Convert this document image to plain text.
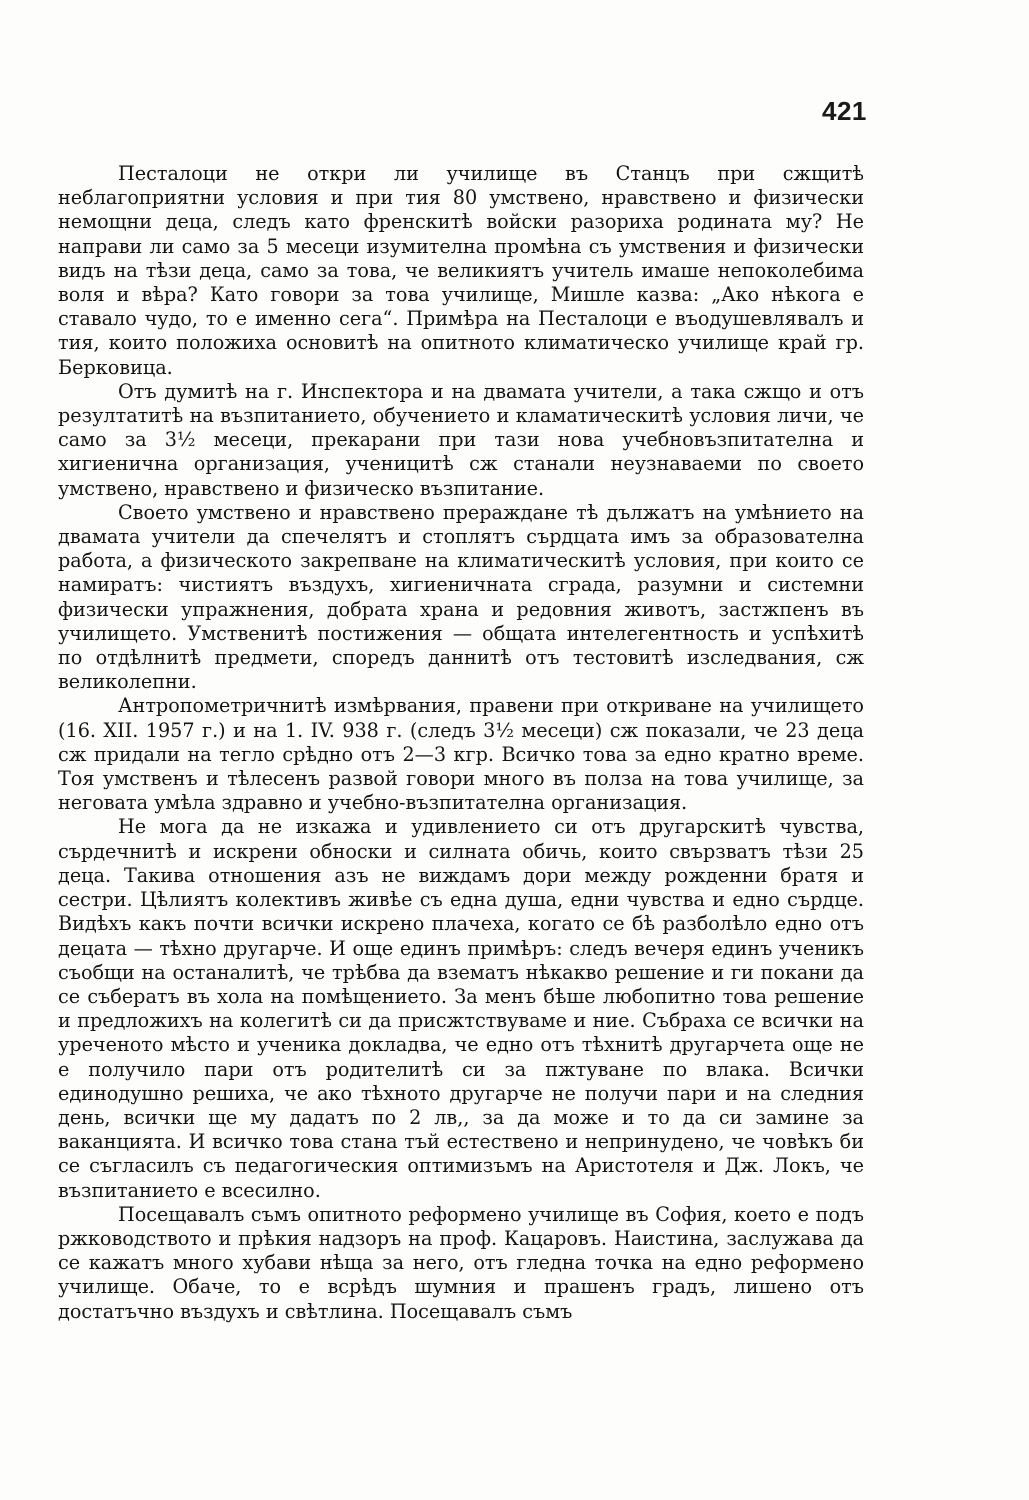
421

Песталоци не откри ли училище въ Станцъ при сжщитѣ неблагоприятни условия и при тия 80 умствено, нравствено и физически немощни деца, следъ като френскитѣ войски разориха родината му? Не направи ли само за 5 месеци изумителна промѣна съ умствения и физически видъ на тѣзи деца, само за това, че великиятъ учитель имаше непоколебима воля и вѣра? Като говори за това училище, Мишле казва: „Ако нѣкога е ставало чудо, то е именно сега“. Примѣра на Песталоци е въодушевлявалъ и тия, които положиха основитѣ на опитното климатическо училище край гр. Берковица.

Отъ думитѣ на г. Инспектора и на двамата учители, а така сжщо и отъ резултатитѣ на възпитанието, обучението и кламатическитѣ условия личи, че само за 3½ месеци, прекарани при тази нова учебновъзпитателна и хигиенична организация, ученицитѣ сж станали неузнаваеми по своето умствено, нравствено и физическо възпитание.

Своето умствено и нравствено прераждане тѣ дължатъ на умѣнието на двамата учители да спечелятъ и стоплятъ сърдцата имъ за образователна работа, а физическото закрепване на климатическитѣ условия, при които се намиратъ: чистиятъ въздухъ, хигиеничната сграда, разумни и системни физически упражнения, добрата храна и редовния животъ, застжпенъ въ училището. Умственитѣ постижения — общата интелегентность и успѣхитѣ по отдѣлнитѣ предмети, споредъ даннитѣ отъ тестовитѣ изследвания, сж великолепни.

Антропометричнитѣ измѣрвания, правени при откриване на училището (16. XII. 1957 г.) и на 1. IV. 938 г. (следъ 3½ месеци) сж показали, че 23 деца сж придали на тегло срѣдно отъ 2—3 кгр. Всичко това за едно кратно време. Тоя умственъ и тѣлесенъ развой говори много въ полза на това училище, за неговата умѣла здравно и учебно-възпитателна организация.

Не мога да не изкажа и удивлението си отъ другарскитѣ чувства, сърдечнитѣ и искрени обноски и силната обичь, които свързватъ тѣзи 25 деца. Такива отношения азъ не виждамъ дори между рожденни братя и сестри. Цѣлиятъ колективъ живѣе съ една душа, едни чувства и едно сърдце. Видѣхъ какъ почти всички искрено плачеха, когато се бѣ разболѣло едно отъ децата — тѣхно другарче. И още единъ примѣръ: следъ вечеря единъ ученикъ съобщи на останалитѣ, че трѣбва да взематъ нѣкакво решение и ги покани да се събератъ въ хола на помѣщението. За менъ бѣше любопитно това решение и предложихъ на колегитѣ си да присжтствуваме и ние. Събраха се всички на уреченото мѣсто и ученика докладва, че едно отъ тѣхнитѣ другарчета още не е получило пари отъ родителитѣ си за пжтуване по влака. Всички единодушно решиха, че ако тѣхното другарче не получи пари и на следния день, всички ще му дадатъ по 2 лв,, за да може и то да си замине за ваканцията. И всичко това стана тъй естествено и непринудено, че човѣкъ би се съгласилъ съ педагогическия оптимизъмъ на Аристотеля и Дж. Локъ, че възпитанието е всесилно.

Посещавалъ съмъ опитното реформено училище въ София, което е подъ ржководството и прѣкия надзоръ на проф. Кацаровъ. Наистина, заслужава да се кажатъ много хубави нѣща за него, отъ гледна точка на едно реформено училище. Обаче, то е всрѣдъ шумния и прашенъ градъ, лишено отъ достатъчно въздухъ и свѣтлина. Посещавалъ съмъ
